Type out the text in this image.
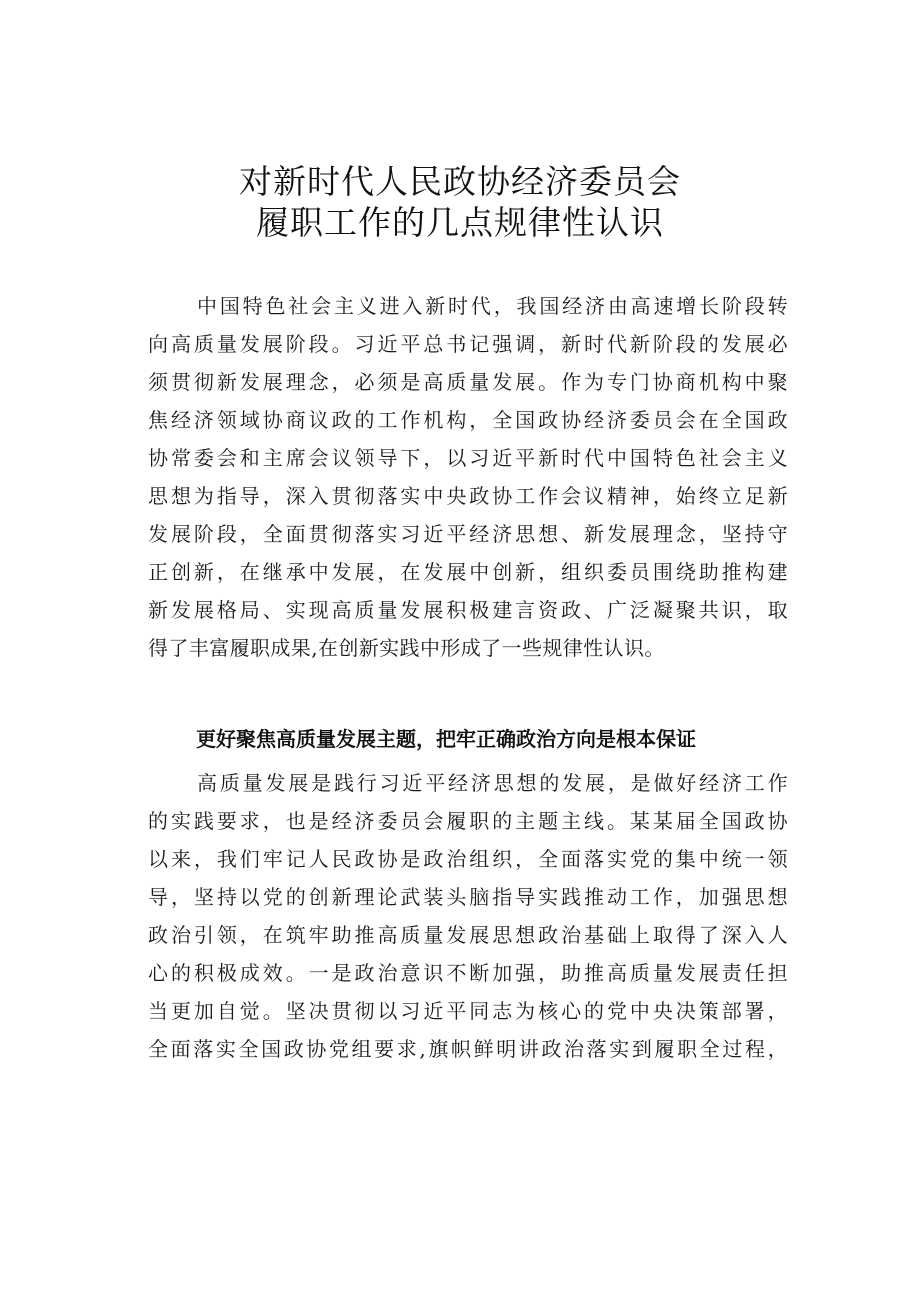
对新时代人民政协经济委员会
履职工作的几点规律性认识
中国特色社会主义进入新时代，我国经济由高速增长阶段转
向高质量发展阶段。习近平总书记强调，新时代新阶段的发展必
须贯彻新发展理念，必须是高质量发展。作为专门协商机构中聚
焦经济领域协商议政的工作机构，全国政协经济委员会在全国政
协常委会和主席会议领导下，以习近平新时代中国特色社会主义
思想为指导，深入贯彻落实中央政协工作会议精神，始终立足新
发展阶段，全面贯彻落实习近平经济思想、新发展理念，坚持守
正创新，在继承中发展，在发展中创新，组织委员围绕助推构建
新发展格局、实现高质量发展积极建言资政、广泛凝聚共识，取
得了丰富履职成果,在创新实践中形成了一些规律性认识。
更好聚焦高质量发展主题，把牢正确政治方向是根本保证
高质量发展是践行习近平经济思想的发展，是做好经济工作
的实践要求，也是经济委员会履职的主题主线。某某届全国政协
以来，我们牢记人民政协是政治组织，全面落实党的集中统一领
导，坚持以党的创新理论武装头脑指导实践推动工作，加强思想
政治引领，在筑牢助推高质量发展思想政治基础上取得了深入人
心的积极成效。一是政治意识不断加强，助推高质量发展责任担
当更加自觉。坚决贯彻以习近平同志为核心的党中央决策部署，
全面落实全国政协党组要求,旗帜鲜明讲政治落实到履职全过程，
